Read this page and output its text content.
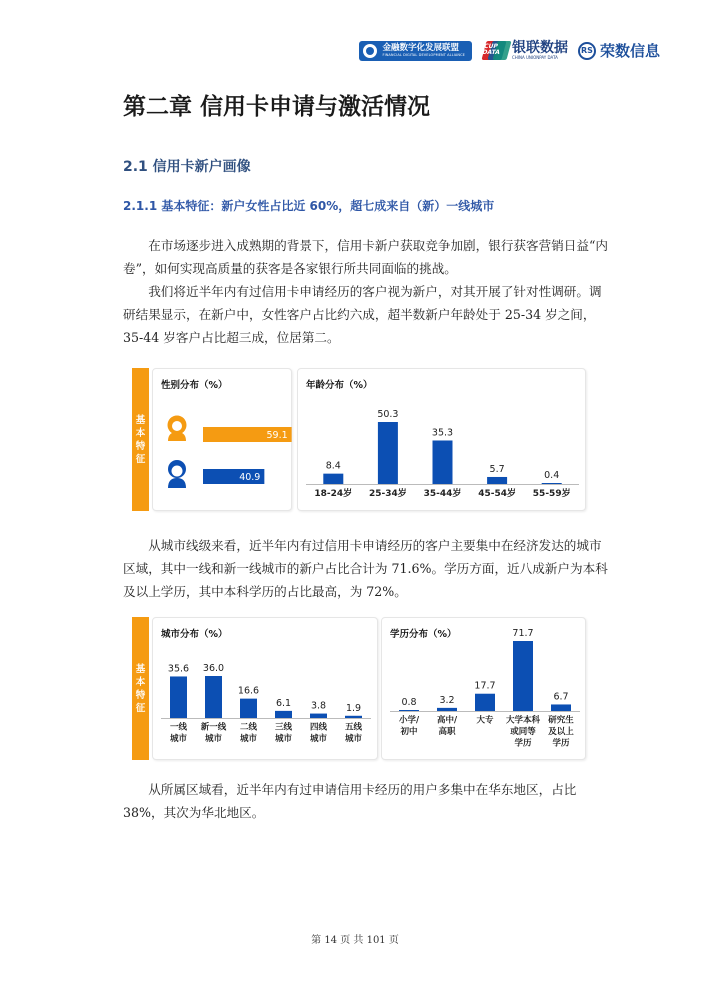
金融数字化发展联盟
FINANCIAL DIGITAL DEVELOPMENT ALLIANCE
CUP DATA 银联数据
CHINA UNIONPAY DATA
RS 荣数信息
第二章 信用卡申请与激活情况
2.1 信用卡新户画像
2.1.1 基本特征：新户女性占比近 60%，超七成来自（新）一线城市

在市场逐步进入成熟期的背景下，信用卡新户获取竞争加剧，银行获客营销日益“内卷”，如何实现高质量的获客是各家银行所共同面临的挑战。

我们将近半年内有过信用卡申请经历的客户视为新户，对其开展了针对性调研。调研结果显示，在新户中，女性客户占比约六成，超半数新户年龄处于 25-34 岁之间，35-44 岁客户占比超三成，位居第二。

基
本
特
征
性别分布（%）
59.1
40.9
年龄分布（%）
8.4
18-24岁
50.3
25-34岁
35.3
35-44岁
5.7
45-54岁
0.4
55-59岁

从城市线级来看，近半年内有过信用卡申请经历的客户主要集中在经济发达的城市区域，其中一线和新一线城市的新户占比合计为 71.6%。学历方面，近八成新户为本科及以上学历，其中本科学历的占比最高，为 72%。

基
本
特
征
城市分布（%）
35.6
一线
城市
36.0
新一线
城市
16.6
二线
城市
6.1
三线
城市
3.8
四线
城市
1.9
五线
城市
学历分布（%）
0.8
小学/
初中
3.2
高中/
高职
17.7
大专
71.7
大学本科
或同等
学历
6.7
研究生
及以上
学历

从所属区域看，近半年内有过申请信用卡经历的用户多集中在华东地区，占比 38%，其次为华北地区。

第 14 页 共 101 页
